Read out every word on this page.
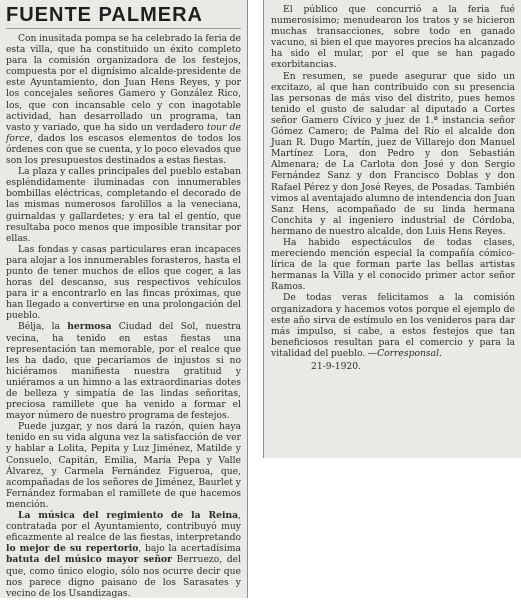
FUENTE PALMERA

Con inusitada pompa se ha celebrado la feria de esta villa, que ha constituido un éxito completo para la comisión organizadora de los festejos, compuesta por el dignísimo alcalde-presidente de este Ayuntamiento, don Juan Hens Reyes, y por los concejales señores Gamero y González Rico, los, que con incansable celo y con inagotable actividad, han desarrollado un programa, tan vasto y variado, que ha sido un verdadero tour de force, dados los escasos elementos de todos los órdenes con que se cuenta, y lo poco elevados que son los presupuestos destinados a estas fiestas.

La plaza y calles principales del pueblo estaban espléndidamente iluminadas con innumerables bombillas eléctricas, completando el decorado de las mismas numerosos farolillos a la veneciana, guirnaldas y gallardetes; y era tal el gentío, que resultaba poco menos que imposible transitar por ellas.

Las fondas y casas particulares eran incapaces para alojar a los innumerables forasteros, hasta el punto de tener muchos de ellos que coger, a las horas del descanso, sus respectivos vehículos para ir a encontrarlo en las fincas próximas, que han llegado a convertirse en una prolongación del pueblo.

Bélja, la hermosa Ciudad del Sol, nuestra vecina, ha tenido en estas fiestas una representación tan memorable, por el realce que les ha dado, que pecaríamos de injustos si no hiciéramos manifiesta nuestra gratitud y uniéramos a un himno a las extraordinarias dotes de belleza y simpatía de las lindas señoritas, preciosa ramillete que ha venido a formar el mayor número de nuestro programa de festejos.

Puede juzgar, y nos dará la razón, quien haya tenido en su vida alguna vez la satisfacción de ver y hablar a Lolita, Pepita y Luz Jiménez, Matilde y Consuelo, Capitán, Emilia, María Pepa y Valle Álvarez, y Carmela Fernández Figueroa, que, acompañadas de los señores de Jiménez, Baurlet y Fernández formaban el ramillete de que hacemos mención.

La música del regimiento de la Reina, contratada por el Ayuntamiento, contribuyó muy eficazmente al realce de las fiestas, interpretando lo mejor de su repertorio, bajo la acertadísima batuta del músico mayor señor Berruezo, del que, como único elogio, sólo nos ocurre decir que nos parece digno paisano de los Sarasates y vecino de los Usandizagas.

El público que concurrió a la feria fué numerosísimo; menudearon los tratos y se hicieron muchas transacciones, sobre todo en ganado vacuno, si bien el que mayores precios ha alcanzado ha sido el mular, por el que se han pagado exorbitancias.

En resumen, se puede asegurar que sido un excitazo, al que han contribuido con su presencia las personas de más viso del distrito, pues hemos tenido el gusto de saludar al diputado a Cortes señor Gamero Cívico y juez de 1.ª instancia señor Gómez Camero; de Palma del Río el alcalde don Juan R. Dugo Martín, juez de Villarejo don Manuel Martínez Lora, don Pedro y don Sebastián Almenara; de La Carlota don José y don Sergio Fernández Sanz y don Francisco Doblas y don Rafael Pérez y don José Reyes, de Posadas. También vimos al aventajado alumno de intendencia don Juan Sanz Hens, acompañado de su linda hermana Conchita y al ingeniero industrial de Córdoba, hermano de nuestro alcalde, don Luis Hens Reyes.

Ha habido espectáculos de todas clases, mereciendo mención especial la compañía cómico-lírica de la que forman parte las bellas artistas hermanas la Villa y el conocido primer actor señor Ramos.

De todas veras felicitamos a la comisión organizadora y hacemos votos porque el ejemplo de este año sirva de estímulo en los venideros para dar más impulso, si cabe, a estos festejos que tan beneficiosos resultan para el comercio y para la vitalidad del pueblo. —Corresponsal.

21-9-1920.
